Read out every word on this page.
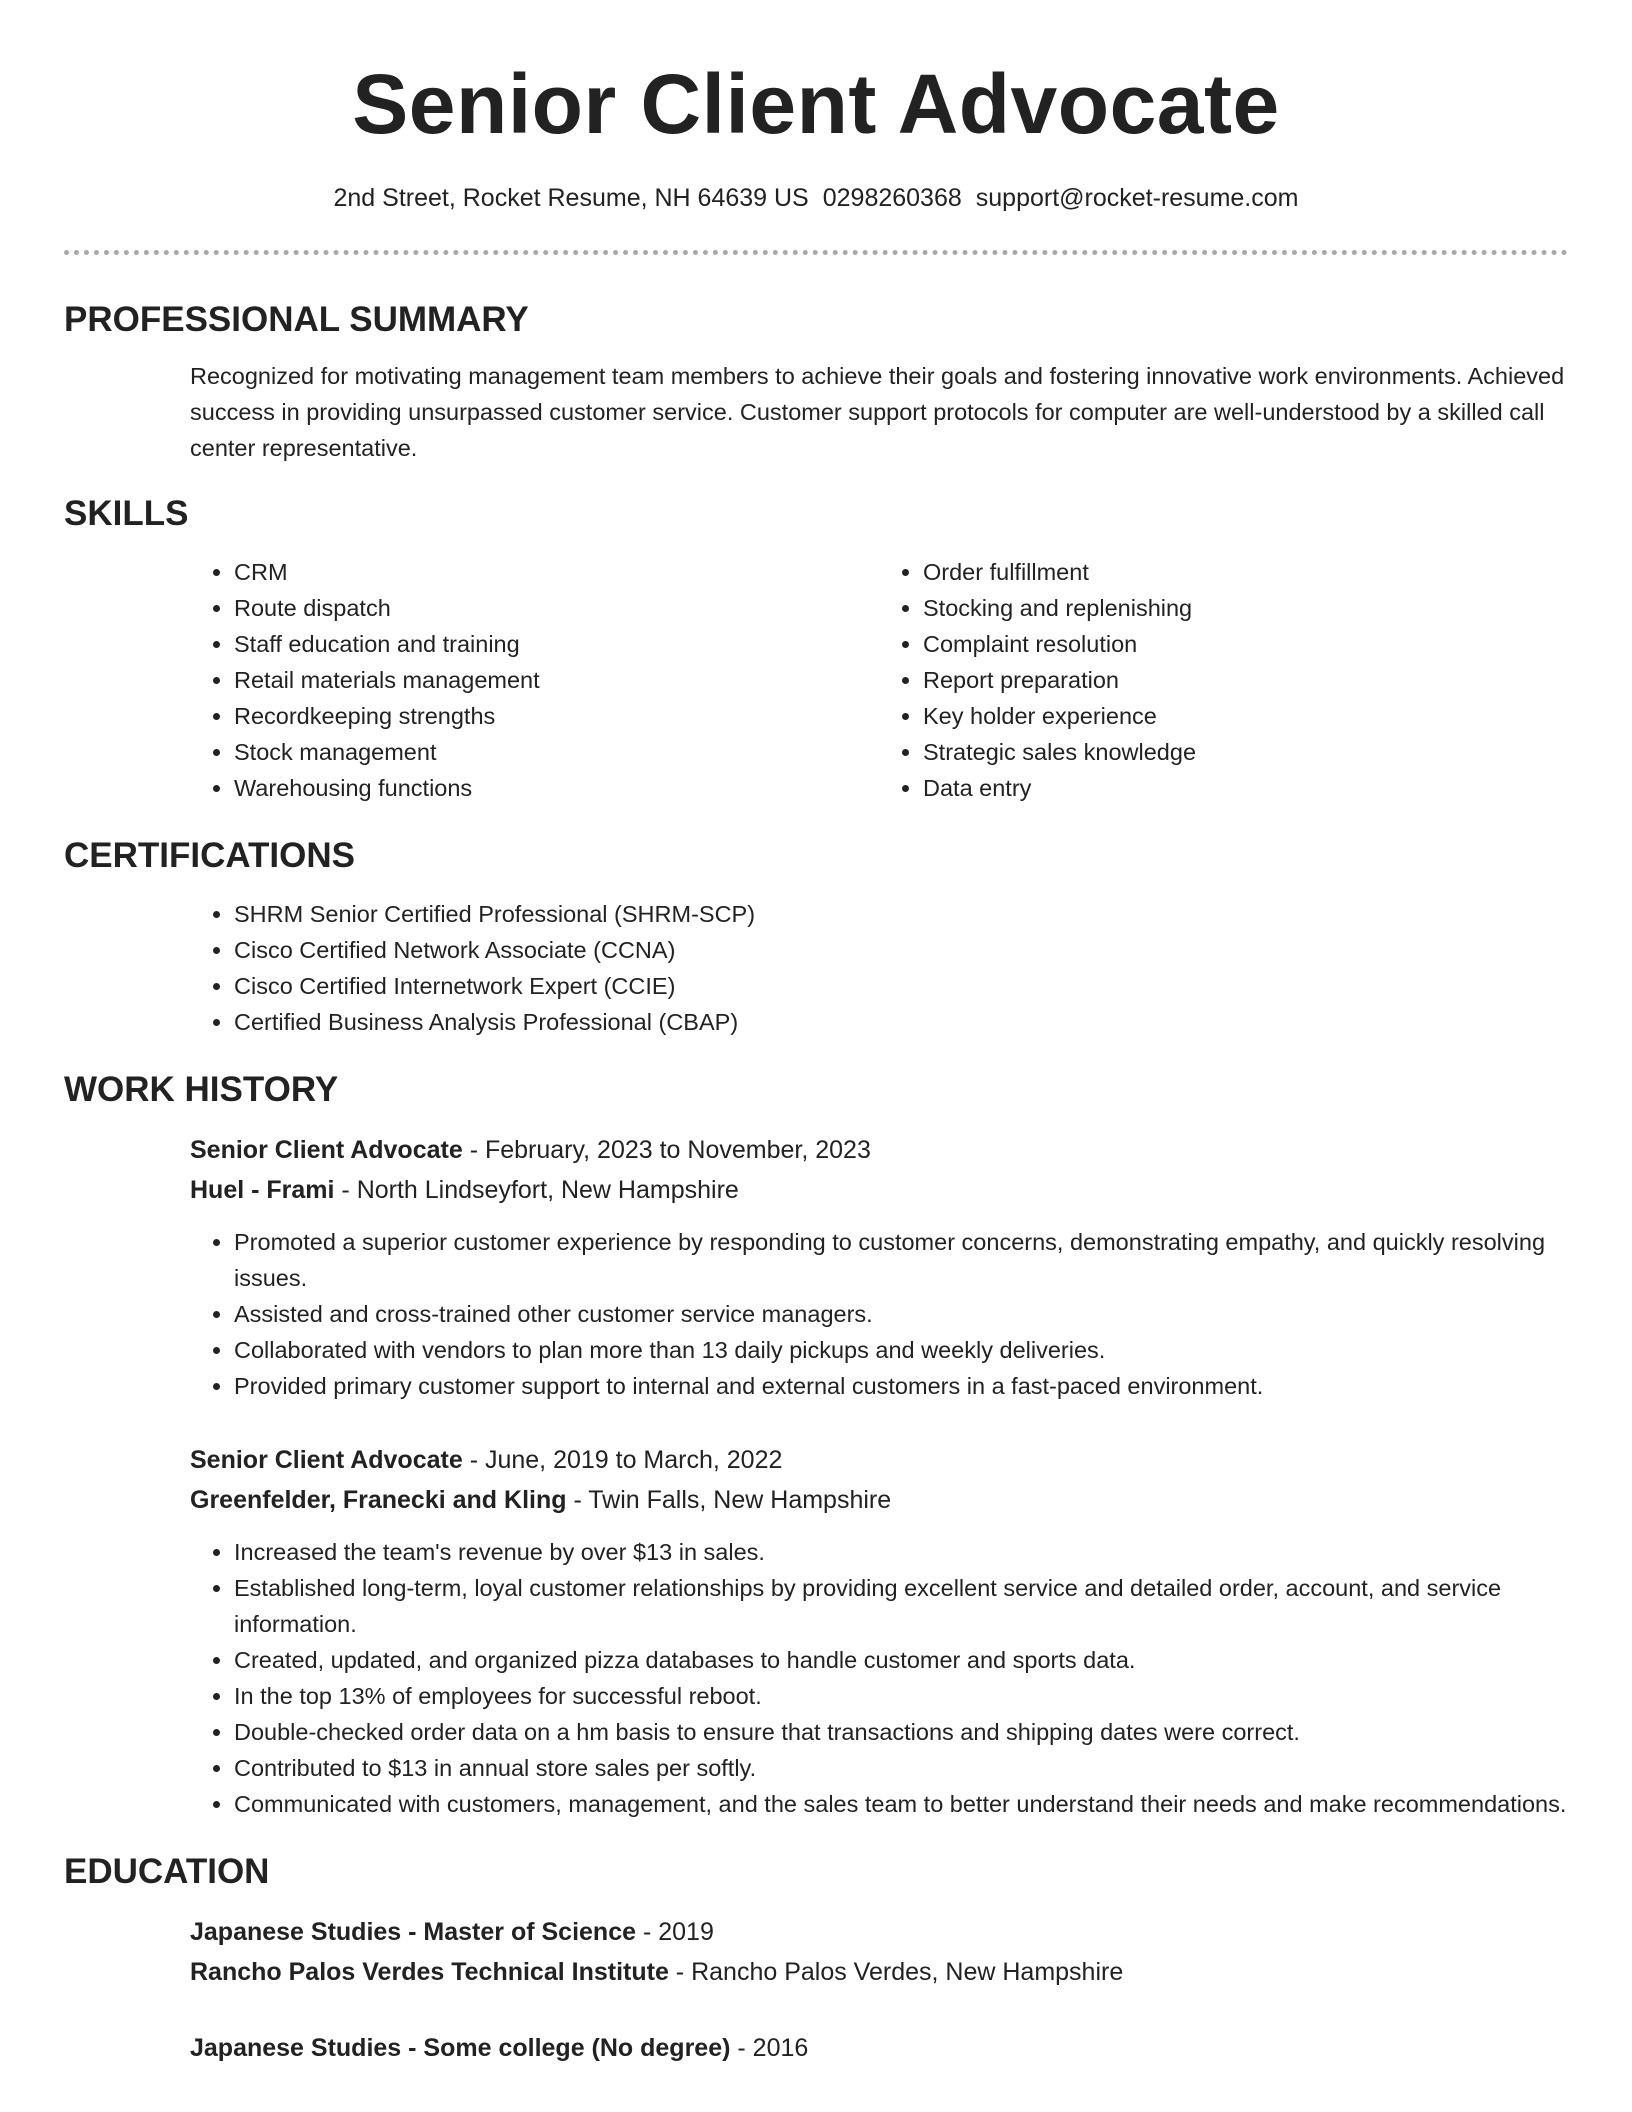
Senior Client Advocate
2nd Street, Rocket Resume, NH 64639 US 0298260368 support@rocket-resume.com
PROFESSIONAL SUMMARY
Recognized for motivating management team members to achieve their goals and fostering innovative work environments. Achieved success in providing unsurpassed customer service. Customer support protocols for computer are well-understood by a skilled call center representative.
SKILLS
• CRM
• Route dispatch
• Staff education and training
• Retail materials management
• Recordkeeping strengths
• Stock management
• Warehousing functions
• Order fulfillment
• Stocking and replenishing
• Complaint resolution
• Report preparation
• Key holder experience
• Strategic sales knowledge
• Data entry
CERTIFICATIONS
• SHRM Senior Certified Professional (SHRM-SCP)
• Cisco Certified Network Associate (CCNA)
• Cisco Certified Internetwork Expert (CCIE)
• Certified Business Analysis Professional (CBAP)
WORK HISTORY
Senior Client Advocate - February, 2023 to November, 2023
Huel - Frami - North Lindseyfort, New Hampshire
• Promoted a superior customer experience by responding to customer concerns, demonstrating empathy, and quickly resolving issues.
• Assisted and cross-trained other customer service managers.
• Collaborated with vendors to plan more than 13 daily pickups and weekly deliveries.
• Provided primary customer support to internal and external customers in a fast-paced environment.
Senior Client Advocate - June, 2019 to March, 2022
Greenfelder, Franecki and Kling - Twin Falls, New Hampshire
• Increased the team's revenue by over $13 in sales.
• Established long-term, loyal customer relationships by providing excellent service and detailed order, account, and service information.
• Created, updated, and organized pizza databases to handle customer and sports data.
• In the top 13% of employees for successful reboot.
• Double-checked order data on a hm basis to ensure that transactions and shipping dates were correct.
• Contributed to $13 in annual store sales per softly.
• Communicated with customers, management, and the sales team to better understand their needs and make recommendations.
EDUCATION
Japanese Studies - Master of Science - 2019
Rancho Palos Verdes Technical Institute - Rancho Palos Verdes, New Hampshire
Japanese Studies - Some college (No degree) - 2016
